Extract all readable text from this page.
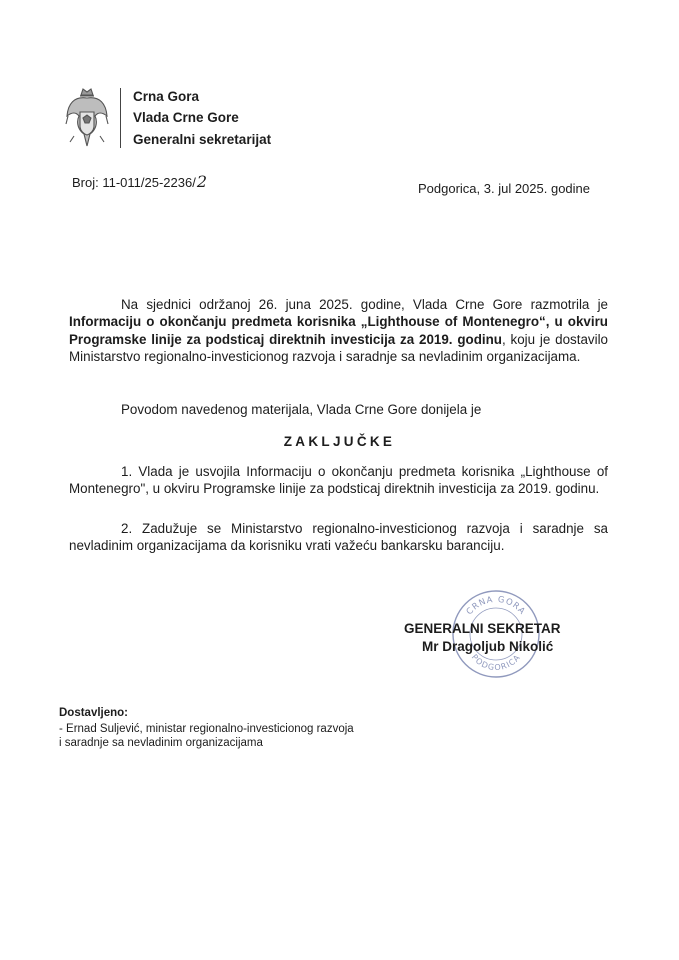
Crna Gora
Vlada Crne Gore
Generalni sekretarijat
Broj: 11-011/25-2236/2	Podgorica, 3. jul 2025. godine
Na sjednici održanoj 26. juna 2025. godine, Vlada Crne Gore razmotrila je Informaciju o okončanju predmeta korisnika „Lighthouse of Montenegro“, u okviru Programske linije za podsticaj direktnih investicija za 2019. godinu, koju je dostavilo Ministarstvo regionalno-investicionog razvoja i saradnje sa nevladinim organizacijama.
Povodom navedenog materijala, Vlada Crne Gore donijela je
ZAKLJUČKE
1. Vlada je usvojila Informaciju o okončanju predmeta korisnika „Lighthouse of Montenegro", u okviru Programske linije za podsticaj direktnih investicija za 2019. godinu.
2. Zadužuje se Ministarstvo regionalno-investicionog razvoja i saradnje sa nevladinim organizacijama da korisniku vrati važeću bankarsku baranciju.
CRNA GORA
PODGORICA
GENERALNI SEKRETAR
Mr Dragoljub Nikolić
Dostavljeno:
- Ernad Suljević, ministar regionalno-investicionog razvoja i saradnje sa nevladinim organizacijama
